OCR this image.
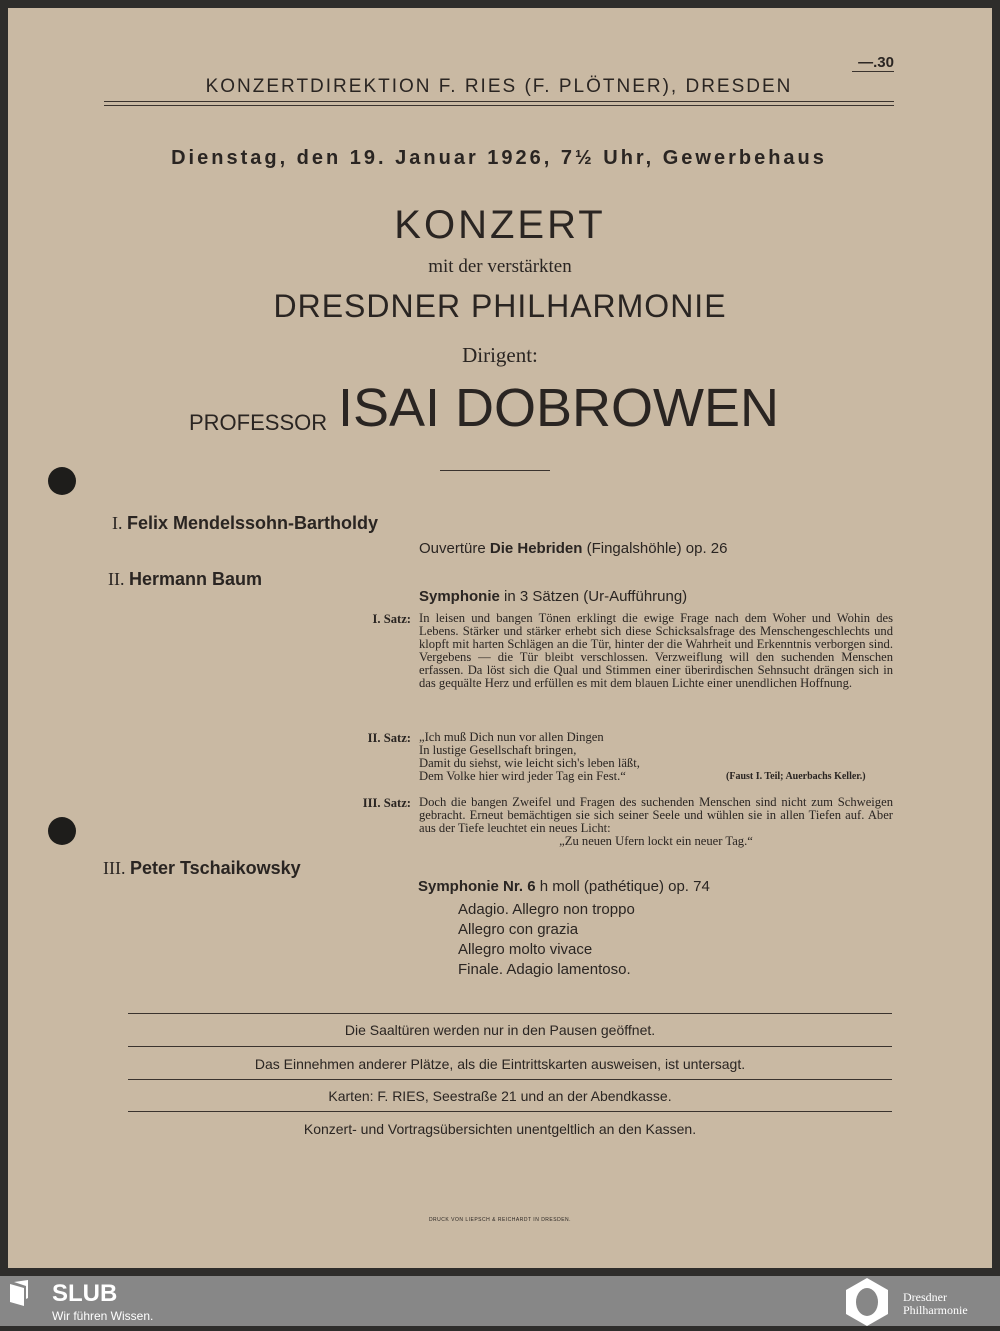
KONZERTDIREKTION F. RIES (F. PLÖTNER), DRESDEN
—.30
Dienstag, den 19. Januar 1926, 7½ Uhr, Gewerbehaus
KONZERT
mit der verstärkten
DRESDNER PHILHARMONIE
Dirigent:
PROFESSOR ISAI DOBROWEN
I. Felix Mendelssohn-Bartholdy
Ouvertüre Die Hebriden (Fingalshöhle) op. 26
II. Hermann Baum
Symphonie in 3 Sätzen (Ur-Aufführung)
I. Satz: In leisen und bangen Tönen erklingt die ewige Frage nach dem Woher und Wohin des Lebens. Stärker und stärker erhebt sich diese Schicksalsfrage des Menschengeschlechts und klopft mit harten Schlägen an die Tür, hinter der die Wahrheit und Erkenntnis verborgen sind. Vergebens — die Tür bleibt verschlossen. Verzweiflung will den suchenden Menschen erfassen. Da löst sich die Qual und Stimmen einer überirdischen Sehnsucht drängen sich in das gequälte Herz und erfüllen es mit dem blauen Lichte einer unendlichen Hoffnung.
II. Satz: „Ich muß Dich nun vor allen Dingen
In lustige Gesellschaft bringen,
Damit du siehst, wie leicht sich's leben läßt,
Dem Volke hier wird jeder Tag ein Fest.“	(Faust I. Teil; Auerbachs Keller.)
III. Satz: Doch die bangen Zweifel und Fragen des suchenden Menschen sind nicht zum Schweigen gebracht. Erneut bemächtigen sie sich seiner Seele und wühlen sie in allen Tiefen auf. Aber aus der Tiefe leuchtet ein neues Licht:
„Zu neuen Ufern lockt ein neuer Tag.“
III. Peter Tschaikowsky
Symphonie Nr. 6 h moll (pathétique) op. 74
Adagio. Allegro non troppo
Allegro con grazia
Allegro molto vivace
Finale. Adagio lamentoso.
Die Saaltüren werden nur in den Pausen geöffnet.
Das Einnehmen anderer Plätze, als die Eintrittskarten ausweisen, ist untersagt.
Karten: F. RIES, Seestraße 21 und an der Abendkasse.
Konzert- und Vortragsübersichten unentgeltlich an den Kassen.
DRUCK VON LIEPSCH & REICHARDT IN DRESDEN.
SLUB
Wir führen Wissen.
Dresdner
Philharmonie
